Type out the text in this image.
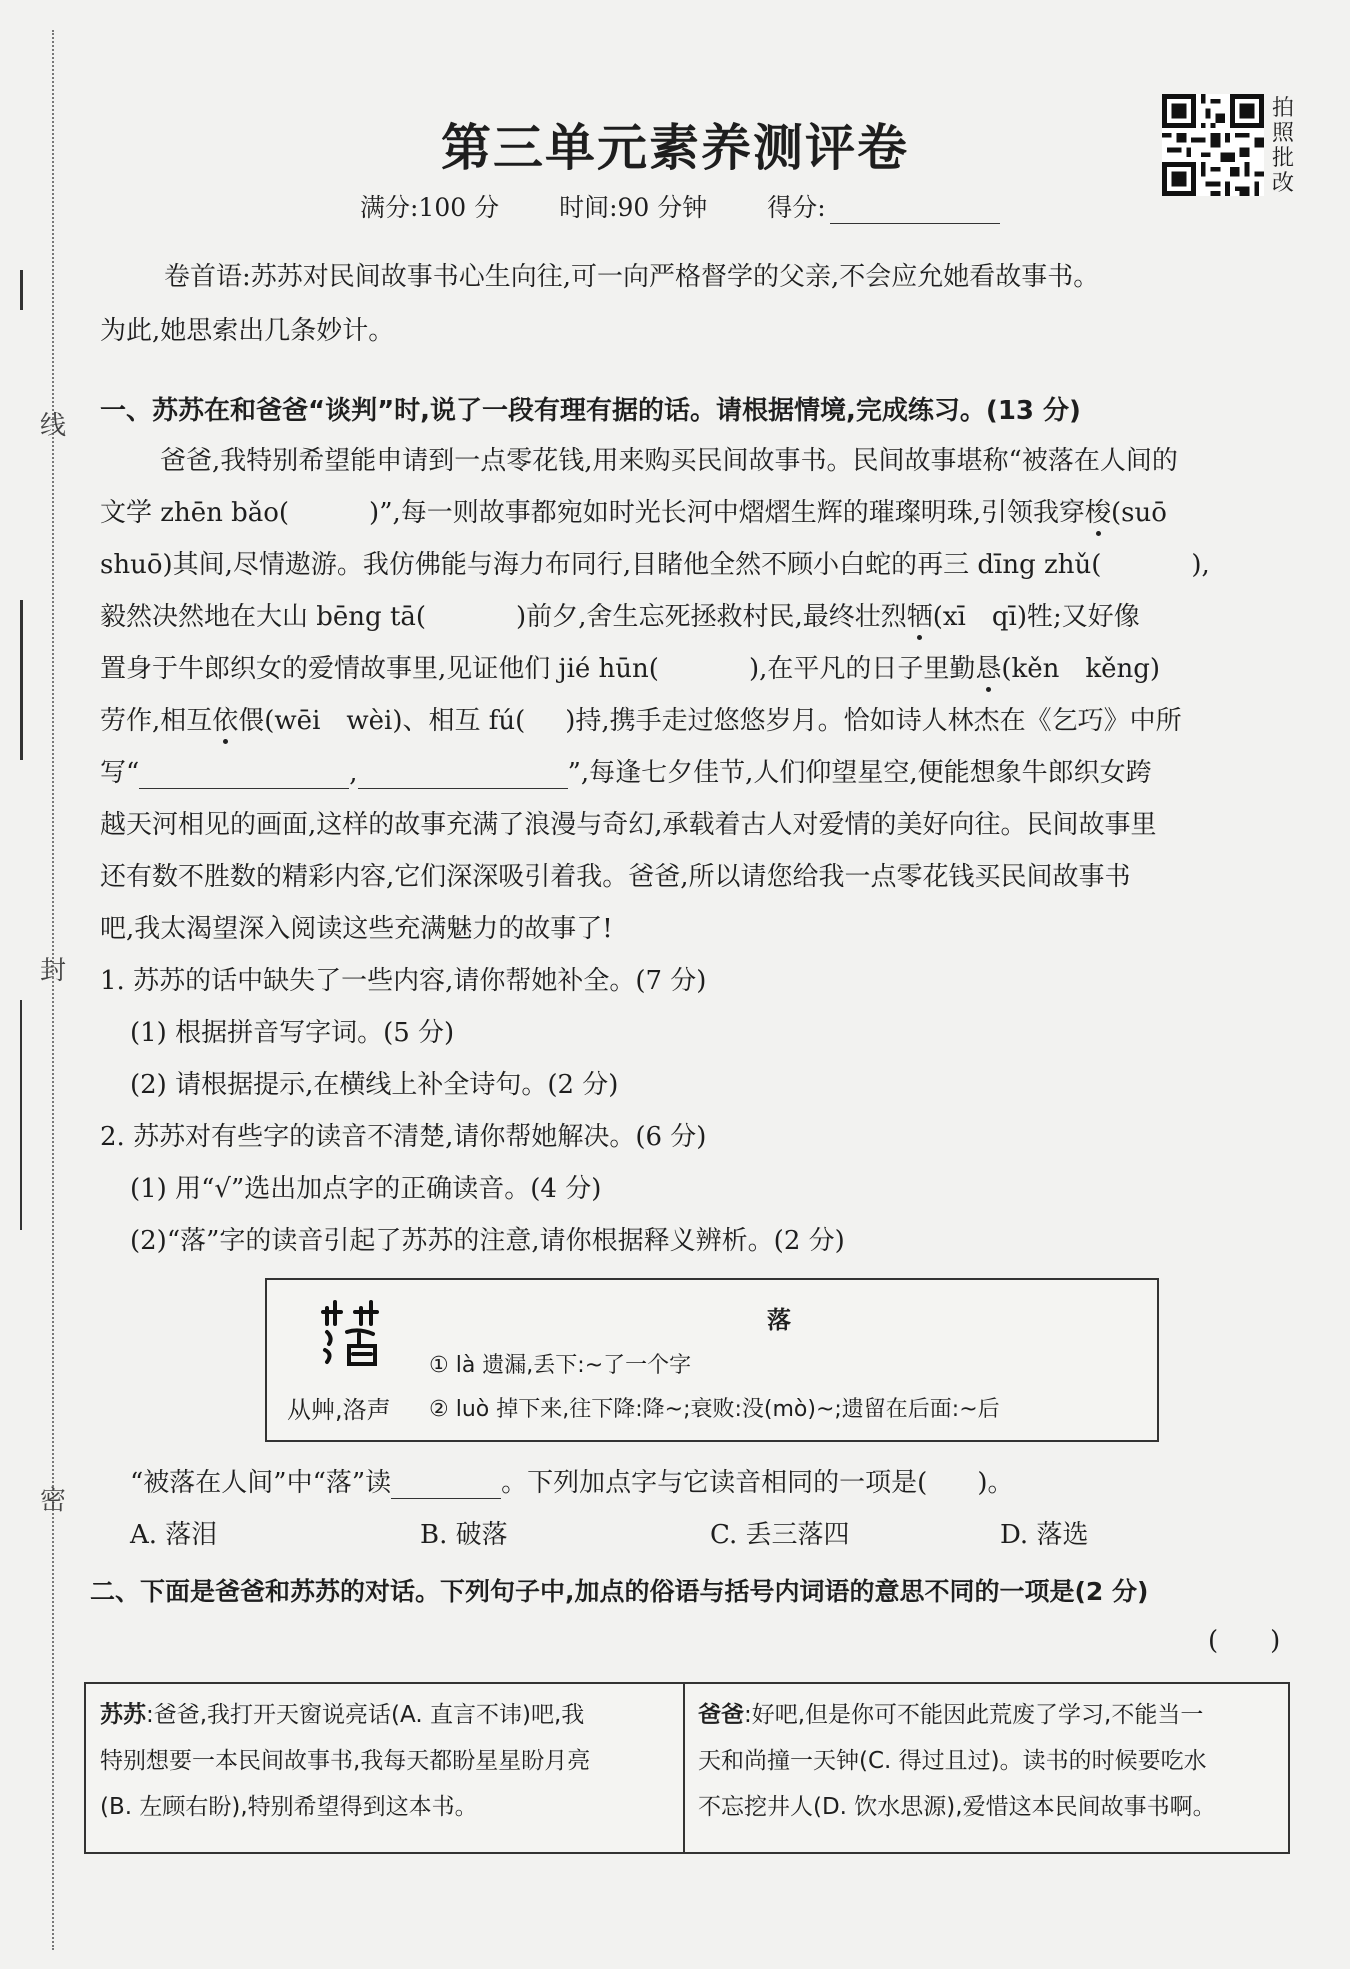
线
封
密
第三单元素养测评卷
满分:100 分 时间:90 分钟 得分:
拍照批改
卷首语:苏苏对民间故事书心生向往,可一向严格督学的父亲,不会应允她看故事书。
为此,她思索出几条妙计。
一、苏苏在和爸爸“谈判”时,说了一段有理有据的话。请根据情境,完成练习。(13 分)
爸爸,我特别希望能申请到一点零花钱,用来购买民间故事书。民间故事堪称“被落在人间的
文学 zhēn bǎo(	)”,每一则故事都宛如时光长河中熠熠生辉的璀璨明珠,引领我穿梭(suō
shuō)其间,尽情遨游。我仿佛能与海力布同行,目睹他全然不顾小白蛇的再三 dīng zhǔ(	),
毅然决然地在大山 bēng tā(	)前夕,舍生忘死拯救村民,最终壮烈牺(xī　qī)牲;又好像
置身于牛郎织女的爱情故事里,见证他们 jié hūn(	),在平凡的日子里勤恳(kěn　kěng)
劳作,相互依偎(wēi　wèi)、相互 fú( )持,携手走过悠悠岁月。恰如诗人林杰在《乞巧》中所
写“	,	”,每逢七夕佳节,人们仰望星空,便能想象牛郎织女跨
越天河相见的画面,这样的故事充满了浪漫与奇幻,承载着古人对爱情的美好向往。民间故事里
还有数不胜数的精彩内容,它们深深吸引着我。爸爸,所以请您给我一点零花钱买民间故事书
吧,我太渴望深入阅读这些充满魅力的故事了!
1. 苏苏的话中缺失了一些内容,请你帮她补全。(7 分)
(1) 根据拼音写字词。(5 分)
(2) 请根据提示,在横线上补全诗句。(2 分)
2. 苏苏对有些字的读音不清楚,请你帮她解决。(6 分)
(1) 用“√”选出加点字的正确读音。(4 分)
(2)“落”字的读音引起了苏苏的注意,请你根据释义辨析。(2 分)
从艸,洛声
落
① là 遗漏,丢下:~了一个字
② luò 掉下来,往下降:降~;衰败:没(mò)~;遗留在后面:~后
“被落在人间”中“落”读	。下列加点字与它读音相同的一项是( )。
A. 落泪	B. 破落	C. 丢三落四	D. 落选
二、下面是爸爸和苏苏的对话。下列句子中,加点的俗语与括号内词语的意思不同的一项是(2 分)
(　　)
苏苏:爸爸,我打开天窗说亮话(A. 直言不讳)吧,我
特别想要一本民间故事书,我每天都盼星星盼月亮
(B. 左顾右盼),特别希望得到这本书。
爸爸:好吧,但是你可不能因此荒废了学习,不能当一
天和尚撞一天钟(C. 得过且过)。读书的时候要吃水
不忘挖井人(D. 饮水思源),爱惜这本民间故事书啊。
